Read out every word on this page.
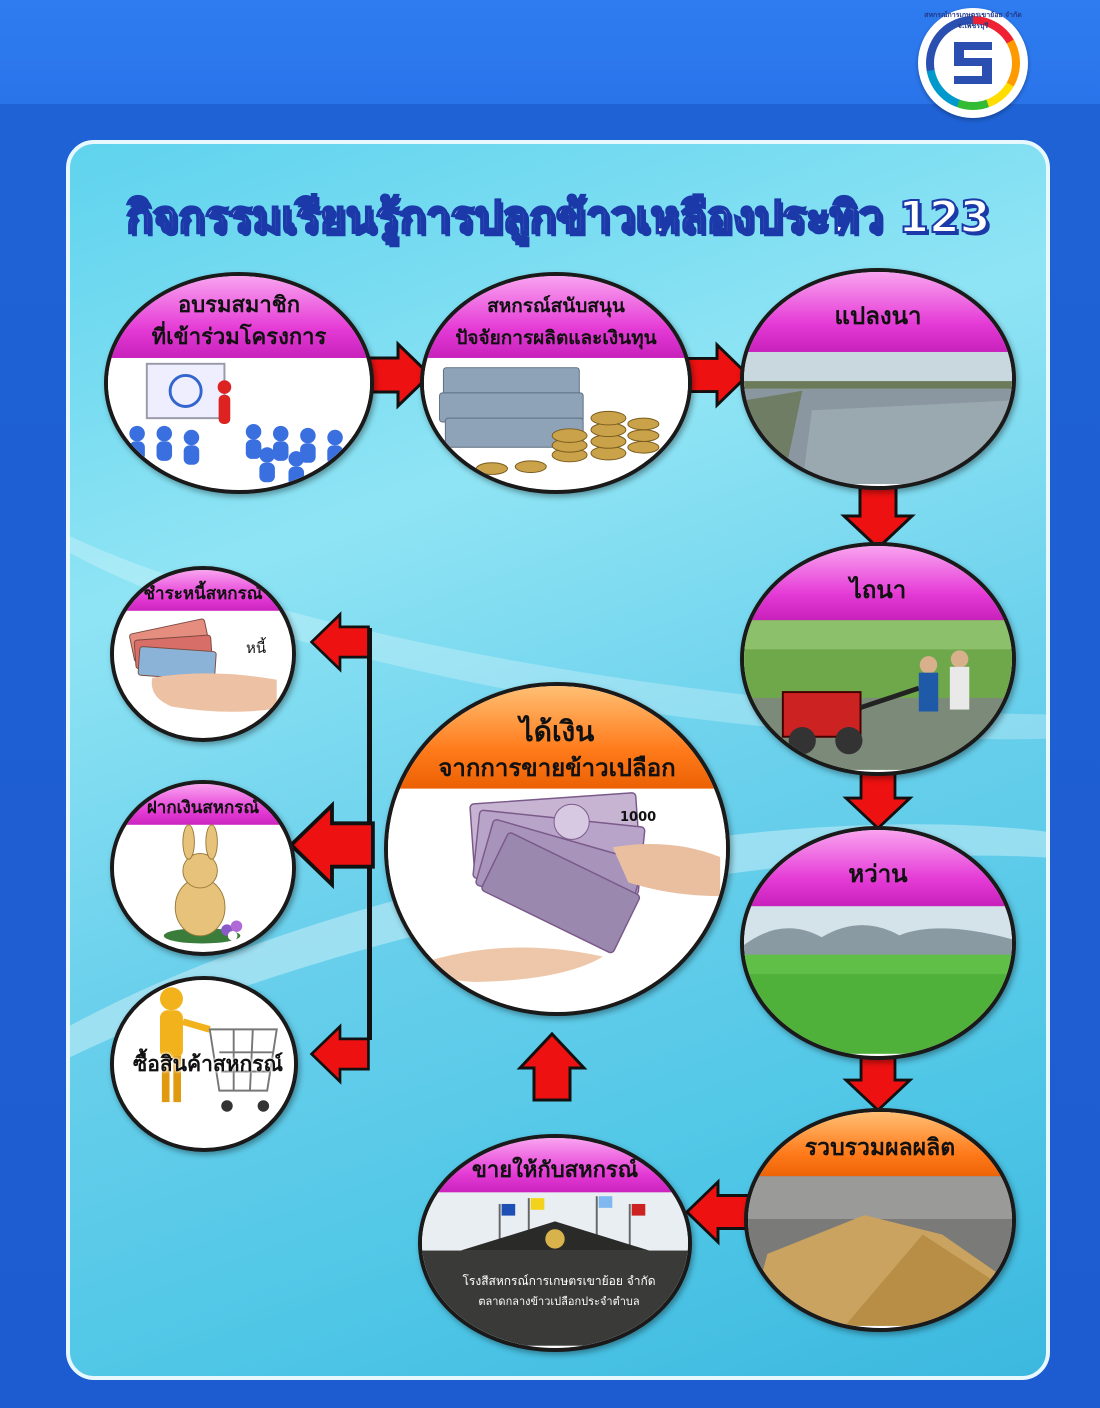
สหกรณ์การเกษตรเขาย้อย จำกัด จ.เพชรบุรี
กิจกรรมเรียนรู้การปลูกข้าวเหลืองประทิว 123
อบรมสมาชิก
ที่เข้าร่วมโครงการ
สหกรณ์สนับสนุน
ปัจจัยการผลิตและเงินทุน
แปลงนา
ไถนา
หว่าน
รวบรวมผลผลิต
ขายให้กับสหกรณ์
โรงสีสหกรณ์การเกษตรเขาย้อย จำกัด
ตลาดกลางข้าวเปลือกประจำตำบล
ได้เงิน
จากการขายข้าวเปลือก
1000
ชำระหนี้สหกรณ์
หนี้
ฝากเงินสหกรณ์
ซื้อสินค้าสหกรณ์
